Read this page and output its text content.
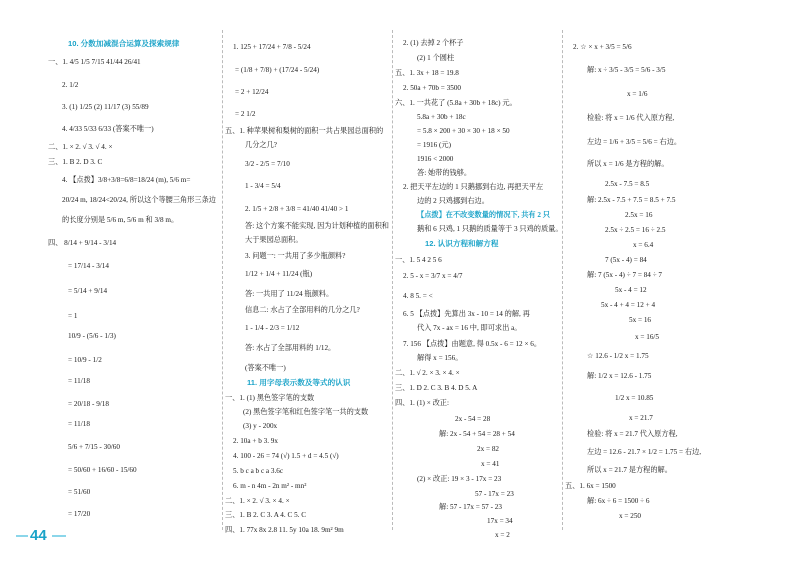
10. 分数加减混合运算及探索规律
一、1. 4/5 1/5 7/15 41/44 26/41
2. 1/2
3. (1) 1/25 (2) 11/17 (3) 55/89
4. 4/33 5/33 6/33 (答案不唯一)
二、1. × 2. √ 3. √ 4. ×
三、1. B 2. D 3. C
4. 【点拨】3/8+3/8=6/8=18/24 (m), 5/6 m=
20/24 m, 18/24<20/24, 所以这个等腰三角形三条边
的长度分别是 5/6 m, 5/6 m 和 3/8 m。
四、 8/14 + 9/14 - 3/14
= 17/14 - 3/14
= 1
= 5/14 + 9/14
10/9 - (5/6 - 1/3)
= 10/9 - 1/2
= 11/18
= 20/18 - 9/18
= 11/18
5/6 + 7/15 - 30/60
= 50/60 + 16/60 - 15/60
= 51/60
= 17/20
1. 125 + 17/24 + 7/8 - 5/24
= (1/8 + 7/8) + (17/24 - 5/24)
= 2 + 12/24
= 2 1/2
五、1. 种苹果树和梨树的面积一共占果园总面积的
几分之几?
3/2 - 2/5 = 7/10
1 - 3/4 = 5/4
2. 1/5 + 2/8 + 3/8 = 41/40 41/40 > 1
答: 这个方案不能实现, 因为计划种植的面积和
大于果园总面积。
3. 问题一: 一共用了多少瓶颜料?
1/12 + 1/4 + 11/24 (瓶)
答: 一共用了 11/24 瓶颜料。
信息二: 水占了全部用料的几分之几?
1 - 1/4 - 2/3 = 1/12
答: 水占了全部用料的 1/12。
(答案不唯一)
11. 用字母表示数及等式的认识
一、1. (1) 黑色签字笔的支数
(2) 黑色签字笔和红色签字笔一共的支数
(3) y - 200x
2. 10a + b 3. 9x
4. 100 - 26 = 74 (√) 1.5 + d = 4.5 (√)
5. b c a b c a 3.6c
6. m - n 4m - 2n m² - mn²
二、1. × 2. √ 3. × 4. ×
三、1. B 2. C 3. A 4. C 5. C
四、1. 77x 8x 2.8 11. 5y 10a 18. 9m² 9m
2. (1) 去掉 2 个杯子
(2) 1 个圆柱
五、1. 3x + 18 = 19.8
2. 50a + 70b = 3500
六、1. 一共花了 (5.8a + 30b + 18c) 元。
5.8a + 30b + 18c
= 5.8 × 200 + 30 × 30 + 18 × 50
= 1916 (元)
1916 < 2000
答: 她带的钱够。
2. 把天平左边的 1 只鹅挪到右边, 再把天平左
边的 2 只鸡挪到右边。
【点拨】在不改变数量的情况下, 共有 2 只
鹅和 6 只鸡, 1 只鹅的质量等于 3 只鸡的质量。
12. 认识方程和解方程
一、1. 5 4 2 5 6
2. 5 - x = 3/7 x = 4/7
4. 8 5. = <
6. 5 【点拨】先算出 3x - 10 = 14 的解, 再
代入 7x - ax = 16 中, 即可求出 a。
7. 156 【点拨】由题意, 得 0.5x - 6 = 12 × 6。
解得 x = 156。
二、1. √ 2. × 3. × 4. ×
三、1. D 2. C 3. B 4. D 5. A
四、1. (1) × 改正:
2x - 54 = 28
解: 2x - 54 + 54 = 28 + 54
2x = 82
x = 41
(2) × 改正: 19 × 3 - 17x = 23
57 - 17x = 23
解: 57 - 17x = 57 - 23
17x = 34
x = 2
2. ☆ × x + 3/5 = 5/6
解: x ÷ 3/5 - 3/5 = 5/6 - 3/5
x = 1/6
检验: 将 x = 1/6 代入原方程,
左边 = 1/6 + 3/5 = 5/6 = 右边。
所以 x = 1/6 是方程的解。
2.5x - 7.5 = 8.5
解: 2.5x - 7.5 + 7.5 = 8.5 + 7.5
2.5x = 16
2.5x ÷ 2.5 = 16 ÷ 2.5
x = 6.4
7 (5x - 4) = 84
解: 7 (5x - 4) ÷ 7 = 84 ÷ 7
5x - 4 = 12
5x - 4 + 4 = 12 + 4
5x = 16
x = 16/5
☆ 12.6 - 1/2 x = 1.75
解: 1/2 x = 12.6 - 1.75
1/2 x = 10.85
x = 21.7
检验: 将 x = 21.7 代入原方程,
左边 = 12.6 - 21.7 × 1/2 = 1.75 = 右边,
所以 x = 21.7 是方程的解。
五、1. 6x = 1500
解: 6x ÷ 6 = 1500 ÷ 6
x = 250
44
